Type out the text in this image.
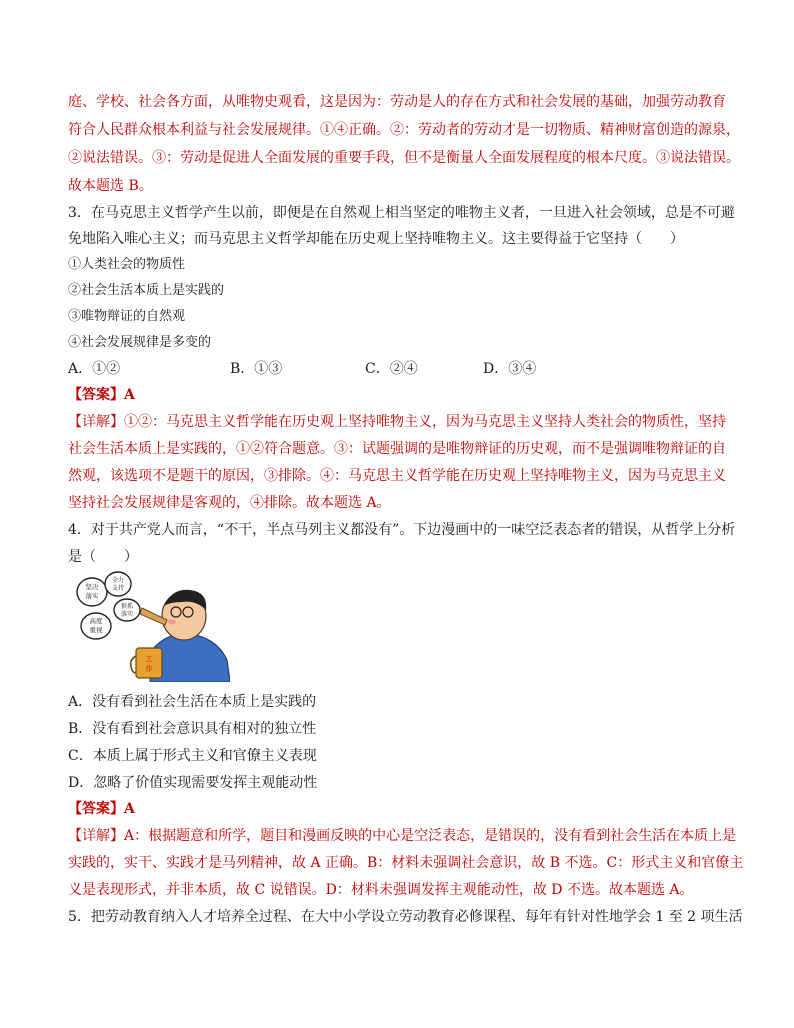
庭、学校、社会各方面，从唯物史观看，这是因为：劳动是人的存在方式和社会发展的基础，加强劳动教育
符合人民群众根本利益与社会发展规律。①④正确。②：劳动者的劳动才是一切物质、精神财富创造的源泉，
②说法错误。③：劳动是促进人全面发展的重要手段，但不是衡量人全面发展程度的根本尺度。③说法错误。
故本题选 B。
3．在马克思主义哲学产生以前，即便是在自然观上相当坚定的唯物主义者，一旦进入社会领域，总是不可避
免地陷入唯心主义；而马克思主义哲学却能在历史观上坚持唯物主义。这主要得益于它坚持（　　）
①人类社会的物质性
②社会生活本质上是实践的
③唯物辩证的自然观
④社会发展规律是多变的
A．①②	B．①③	C．②④	D．③④
【答案】A
【详解】①②：马克思主义哲学能在历史观上坚持唯物主义，因为马克思主义坚持人类社会的物质性，坚持
社会生活本质上是实践的，①②符合题意。③：试题强调的是唯物辩证的历史观，而不是强调唯物辩证的自
然观，该选项不是题干的原因，③排除。④：马克思主义哲学能在历史观上坚持唯物主义，因为马克思主义
坚持社会发展规律是客观的，④排除。故本题选 A。
4．对于共产党人而言，“不干，半点马列主义都没有”。下边漫画中的一味空泛表态者的错误，从哲学上分析
是（　　）
坚决
落实
全力
支持
狠抓
落实
高度
重视
工
作
A．没有看到社会生活在本质上是实践的
B．没有看到社会意识具有相对的独立性
C．本质上属于形式主义和官僚主义表现
D．忽略了价值实现需要发挥主观能动性
【答案】A
【详解】A：根据题意和所学，题目和漫画反映的中心是空泛表态，是错误的，没有看到社会生活在本质上是
实践的，实干、实践才是马列精神，故 A 正确。B：材料未强调社会意识，故 B 不选。C：形式主义和官僚主
义是表现形式，并非本质，故 C 说错误。D：材料未强调发挥主观能动性，故 D 不选。故本题选 A。
5．把劳动教育纳入人才培养全过程、在大中小学设立劳动教育必修课程、每年有针对性地学会 1 至 2 项生活
